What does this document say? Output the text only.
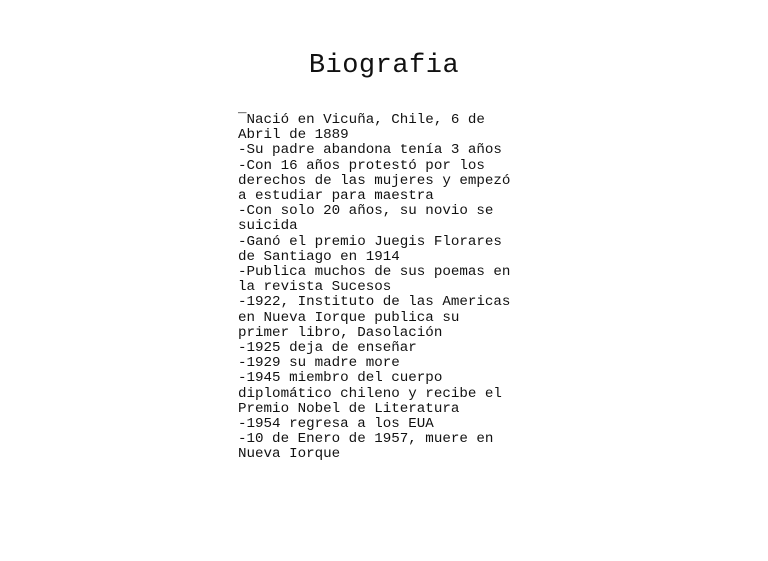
Biografia
‾Nació en Vicuña, Chile, 6 de
Abril de 1889
-Su padre abandona tenía 3 años
-Con 16 años protestó por los
derechos de las mujeres y empezó
a estudiar para maestra
-Con solo 20 años, su novio se
suicida
-Ganó el premio Juegis Florares
de Santiago en 1914
-Publica muchos de sus poemas en
la revista Sucesos
-1922, Instituto de las Americas
en Nueva Iorque publica su
primer libro, Dasolación
-1925 deja de enseñar
-1929 su madre more
-1945 miembro del cuerpo
diplomático chileno y recibe el
Premio Nobel de Literatura
-1954 regresa a los EUA
-10 de Enero de 1957, muere en
Nueva Iorque
